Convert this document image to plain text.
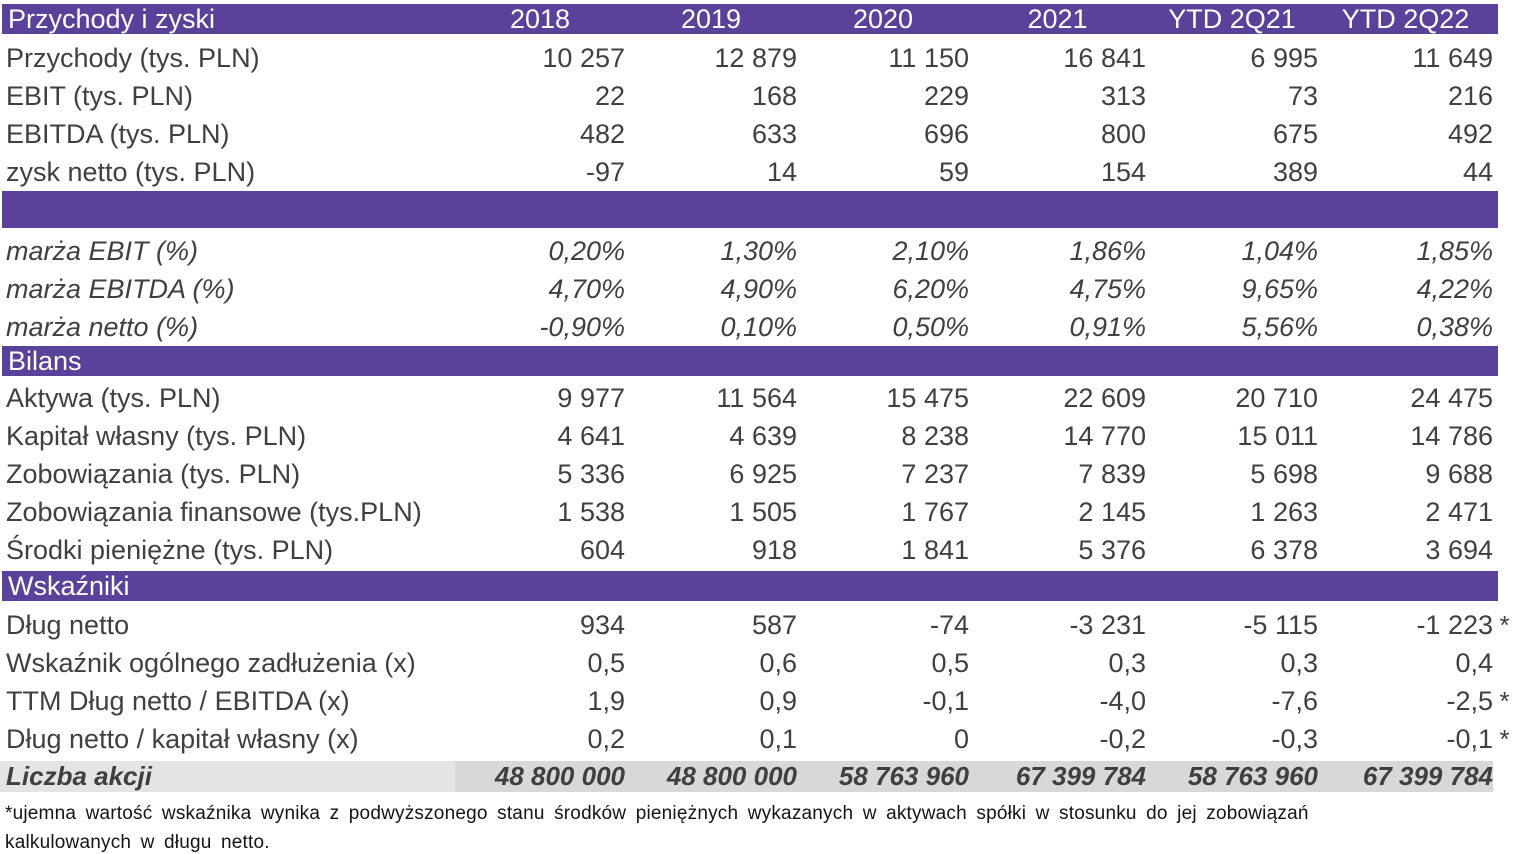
Przychody i zyski	2018	2019	2020	2021	YTD 2Q21	YTD 2Q22
Przychody (tys. PLN)	10 257	12 879	11 150	16 841	6 995	11 649
EBIT (tys. PLN)	22	168	229	313	73	216
EBITDA (tys. PLN)	482	633	696	800	675	492
zysk netto (tys. PLN)	-97	14	59	154	389	44
marża EBIT (%)	0,20%	1,30%	2,10%	1,86%	1,04%	1,85%
marża EBITDA (%)	4,70%	4,90%	6,20%	4,75%	9,65%	4,22%
marża netto (%)	-0,90%	0,10%	0,50%	0,91%	5,56%	0,38%
Bilans
Aktywa (tys. PLN)	9 977	11 564	15 475	22 609	20 710	24 475
Kapitał własny (tys. PLN)	4 641	4 639	8 238	14 770	15 011	14 786
Zobowiązania (tys. PLN)	5 336	6 925	7 237	7 839	5 698	9 688
Zobowiązania finansowe (tys.PLN)	1 538	1 505	1 767	2 145	1 263	2 471
Środki pieniężne (tys. PLN)	604	918	1 841	5 376	6 378	3 694
Wskaźniki
Dług netto	934	587	-74	-3 231	-5 115	-1 223 *
Wskaźnik ogólnego zadłużenia (x)	0,5	0,6	0,5	0,3	0,3	0,4
TTM Dług netto / EBITDA (x)	1,9	0,9	-0,1	-4,0	-7,6	-2,5 *
Dług netto / kapitał własny (x)	0,2	0,1	0	-0,2	-0,3	-0,1 *
Liczba akcji	48 800 000	48 800 000	58 763 960	67 399 784	58 763 960	67 399 784
*ujemna wartość wskaźnika wynika z podwyższonego stanu środków pieniężnych wykazanych w aktywach spółki w stosunku do jej zobowiązań kalkulowanych w długu netto.
